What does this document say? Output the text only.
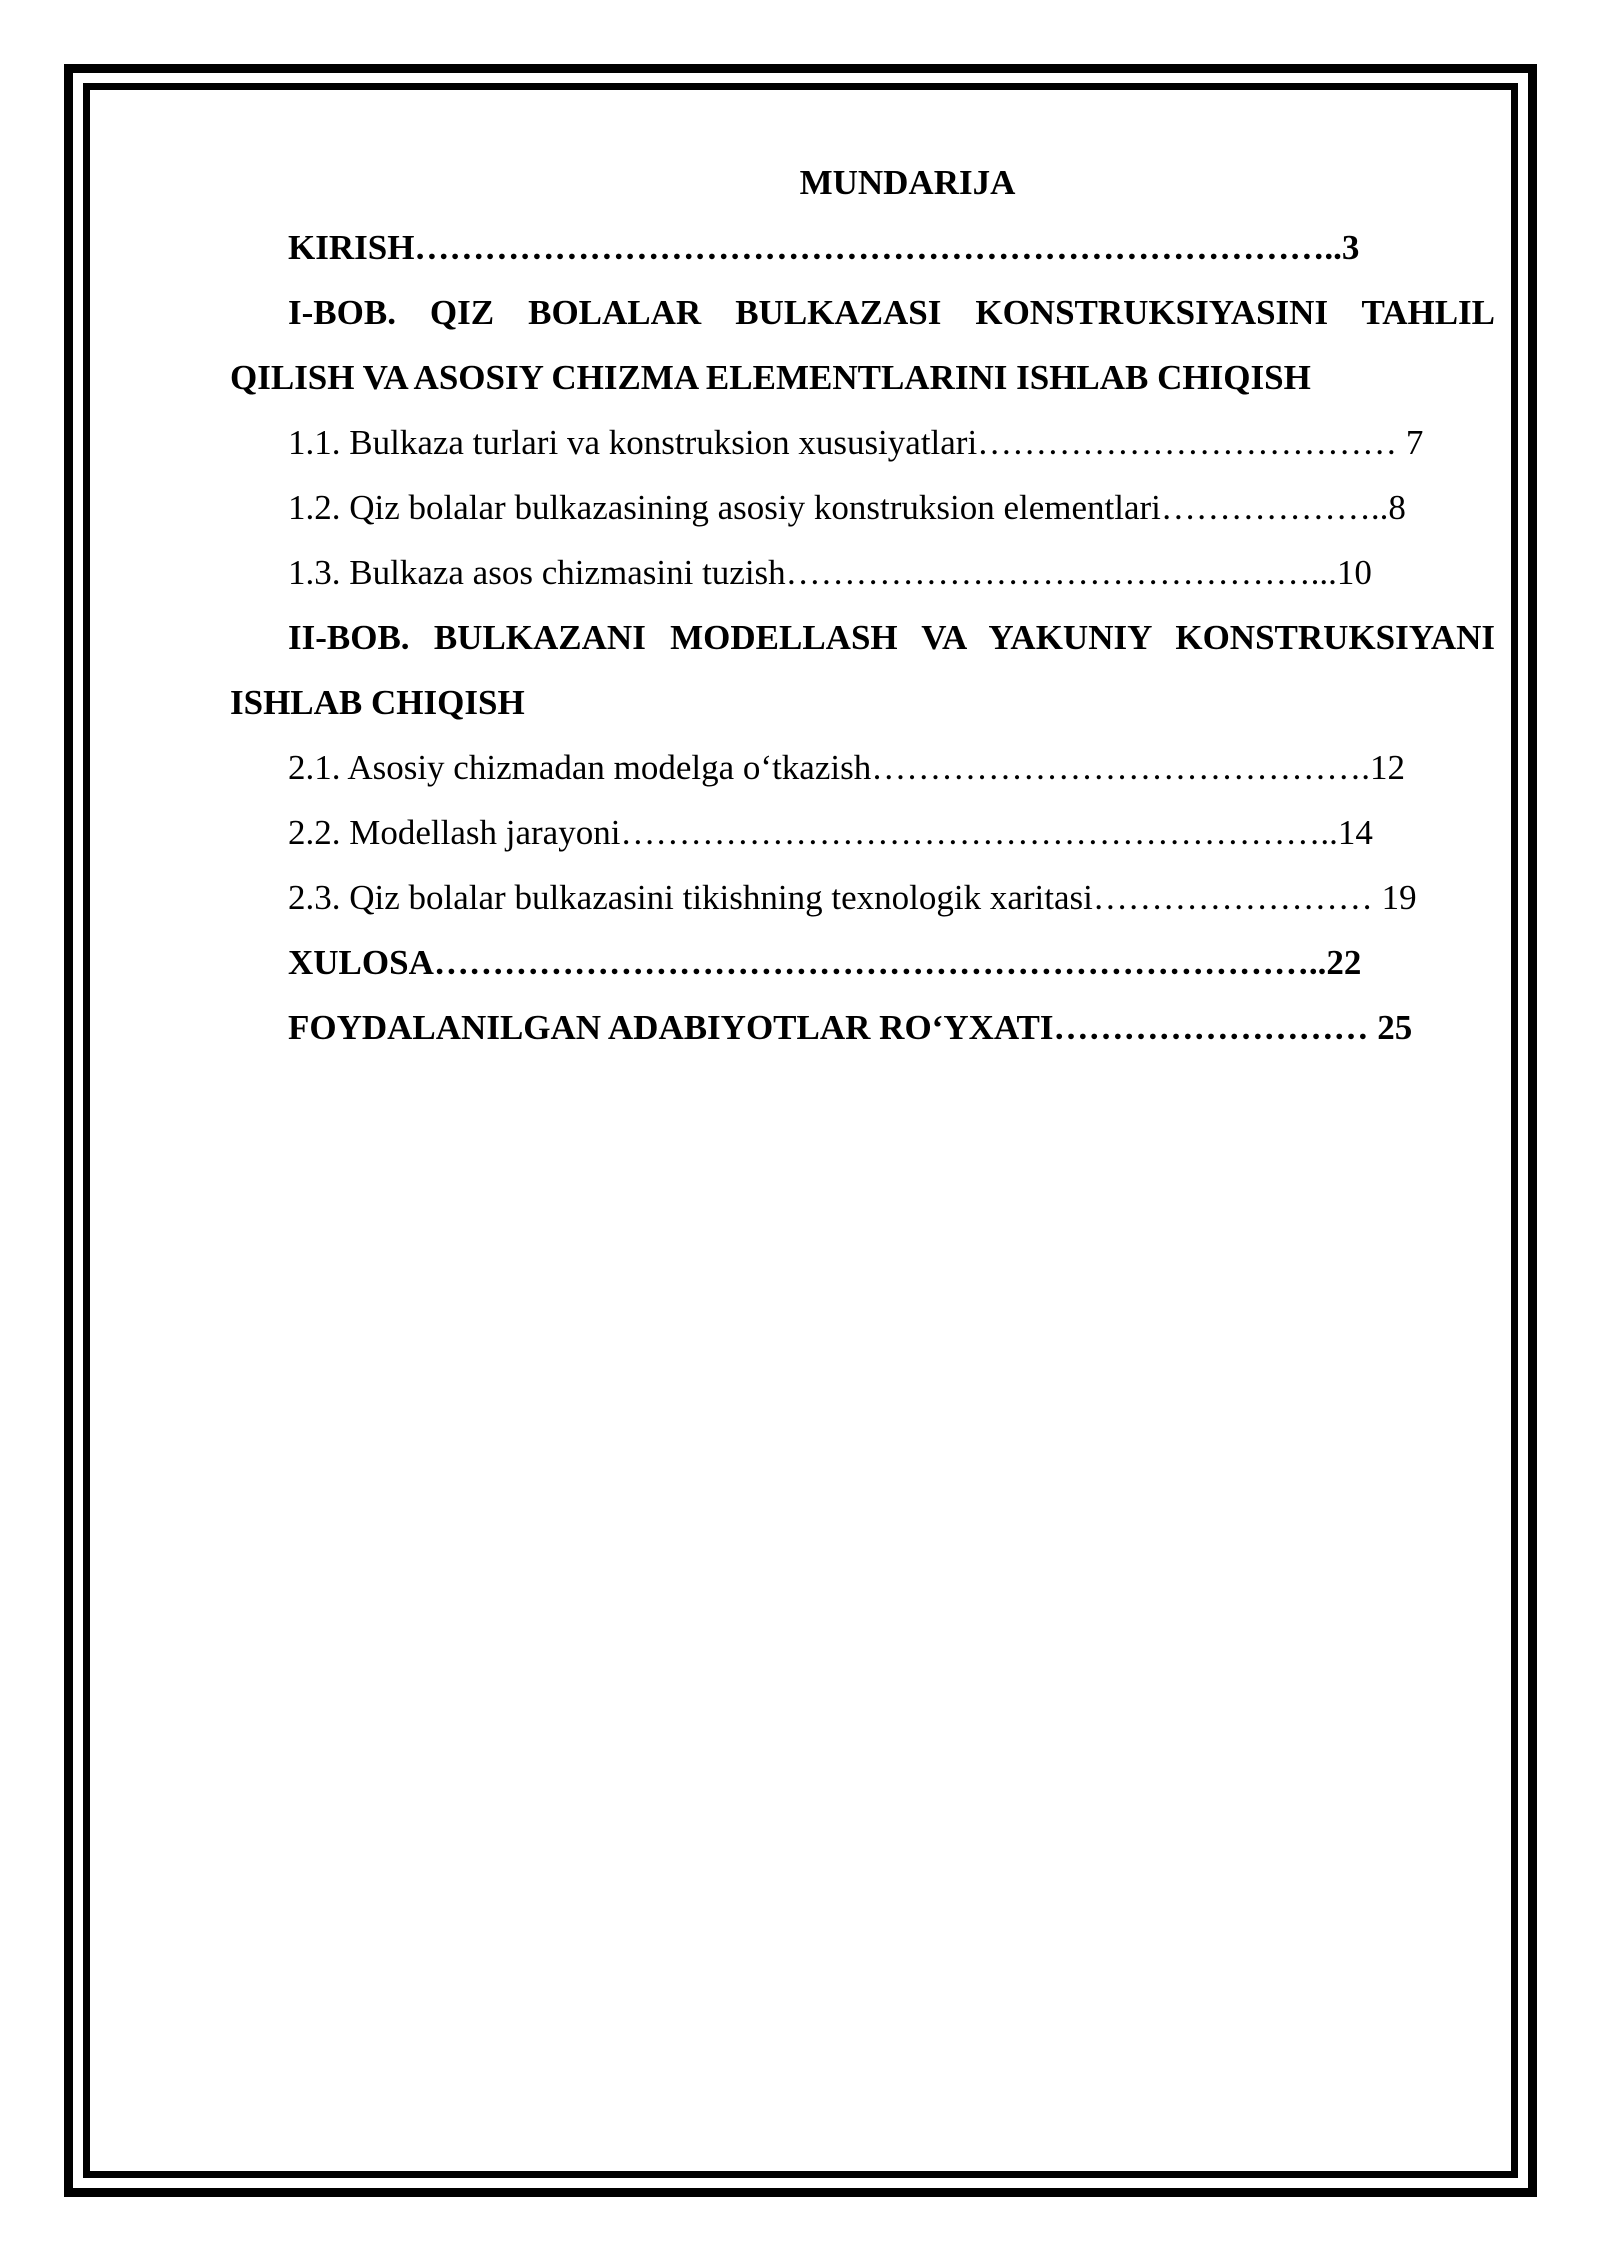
MUNDARIJA

KIRISH……………………………………………………………………..3

I-BOB. QIZ BOLALAR BULKAZASI KONSTRUKSIYASINI TAHLIL QILISH VA ASOSIY CHIZMA ELEMENTLARINI ISHLAB CHIQISH

1.1. Bulkaza turlari va konstruksion xususiyatlari……………………………… 7

1.2. Qiz bolalar bulkazasining asosiy konstruksion elementlari………………..8

1.3. Bulkaza asos chizmasini tuzish………………………………………...10

II-BOB. BULKAZANI MODELLASH VA YAKUNIY KONSTRUKSIYANI ISHLAB CHIQISH

2.1. Asosiy chizmadan modelga o‘tkazish…………………………………….12

2.2. Modellash jarayoni……………………………………………………..14

2.3. Qiz bolalar bulkazasini tikishning texnologik xaritasi…………………… 19

XULOSA…………………………………………………………………..22

FOYDALANILGAN ADABIYOTLAR RO‘YXATI……………………… 25
